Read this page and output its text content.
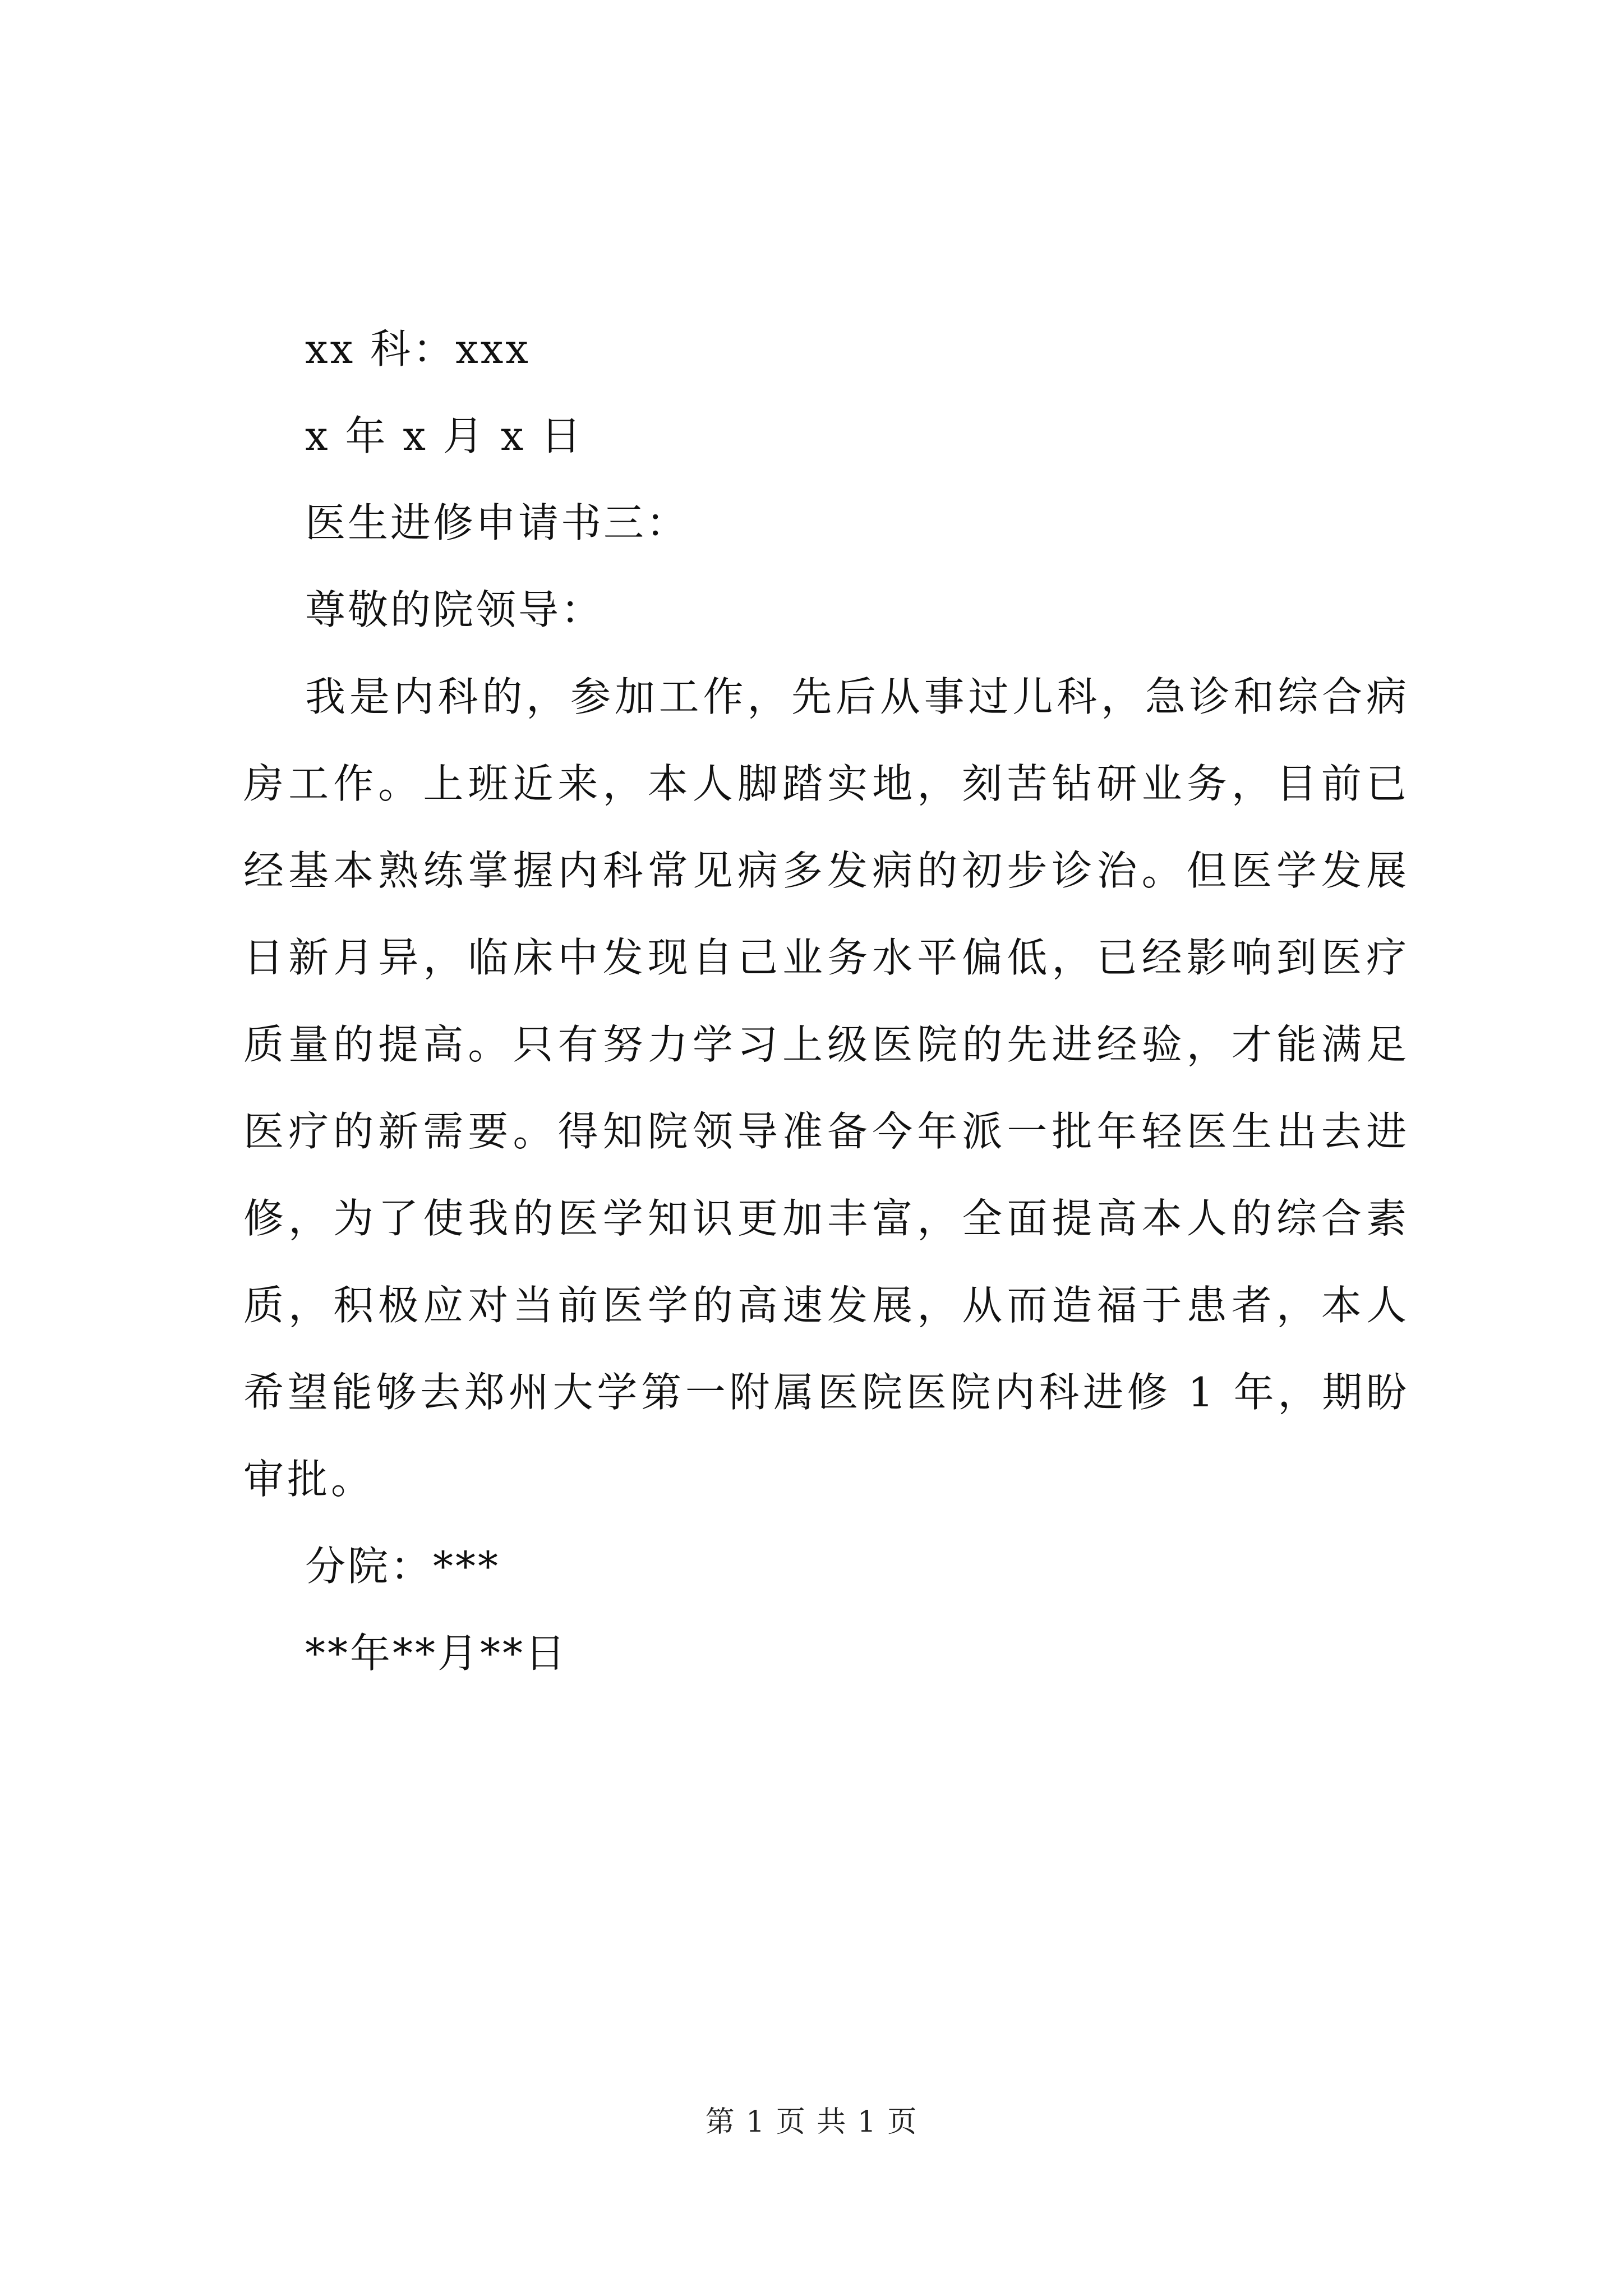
xx 科：xxx
x 年 x 月 x 日
医生进修申请书三：
尊敬的院领导：

我是内科的，参加工作，先后从事过儿科，急诊和综合病房工作。上班近来，本人脚踏实地，刻苦钻研业务，目前已经基本熟练掌握内科常见病多发病的初步诊治。但医学发展日新月异，临床中发现自己业务水平偏低，已经影响到医疗质量的提高。只有努力学习上级医院的先进经验，才能满足医疗的新需要。得知院领导准备今年派一批年轻医生出去进修，为了使我的医学知识更加丰富，全面提高本人的综合素质，积极应对当前医学的高速发展，从而造福于患者，本人希望能够去郑州大学第一附属医院医院内科进修 1 年，期盼审批。

分院：***
**年**月**日
第 1 页 共 1 页
